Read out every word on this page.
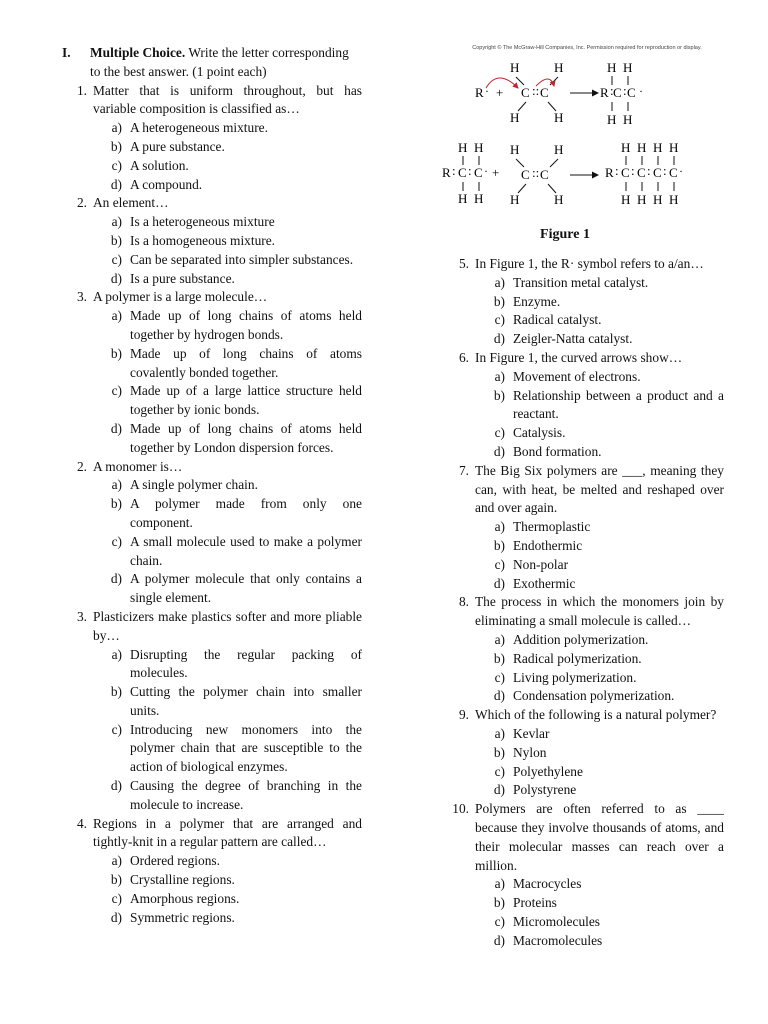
I.	Multiple Choice. Write the letter corresponding to the best answer. (1 point each)
1. Matter that is uniform throughout, but has variable composition is classified as…
a) A heterogeneous mixture.
b) A pure substance.
c) A solution.
d) A compound.
2. An element…
a) Is a heterogeneous mixture
b) Is a homogeneous mixture.
c) Can be separated into simpler substances.
d) Is a pure substance.
3. A polymer is a large molecule…
a) Made up of long chains of atoms held together by hydrogen bonds.
b) Made up of long chains of atoms covalently bonded together.
c) Made up of a large lattice structure held together by ionic bonds.
d) Made up of long chains of atoms held together by London dispersion forces.
2. A monomer is…
a) A single polymer chain.
b) A polymer made from only one component.
c) A small molecule used to make a polymer chain.
d) A polymer molecule that only contains a single element.
3. Plasticizers make plastics softer and more pliable by…
a) Disrupting the regular packing of molecules.
b) Cutting the polymer chain into smaller units.
c) Introducing new monomers into the polymer chain that are susceptible to the action of biological enzymes.
d) Causing the degree of branching in the molecule to increase.
4. Regions in a polymer that are arranged and tightly-knit in a regular pattern are called…
a) Ordered regions.
b) Crystalline regions.
c) Amorphous regions.
d) Symmetric regions.
Copyright © The McGraw-Hill Companies, Inc. Permission required for reproduction or display.
H	H
R · + C :: C
H	H
H H
R : C : C ·
H H
H H
R : C : C · +
H H
H	H
C :: C
H	H
H H H H
R : C : C : C : C ·
H H H H
Figure 1
5. In Figure 1, the R· symbol refers to a/an…
a) Transition metal catalyst.
b) Enzyme.
c) Radical catalyst.
d) Zeigler-Natta catalyst.
6. In Figure 1, the curved arrows show…
a) Movement of electrons.
b) Relationship between a product and a reactant.
c) Catalysis.
d) Bond formation.
7. The Big Six polymers are ___, meaning they can, with heat, be melted and reshaped over and over again.
a) Thermoplastic
b) Endothermic
c) Non-polar
d) Exothermic
8. The process in which the monomers join by eliminating a small molecule is called…
a) Addition polymerization.
b) Radical polymerization.
c) Living polymerization.
d) Condensation polymerization.
9. Which of the following is a natural polymer?
a) Kevlar
b) Nylon
c) Polyethylene
d) Polystyrene
10. Polymers are often referred to as ____ because they involve thousands of atoms, and their molecular masses can reach over a million.
a) Macrocycles
b) Proteins
c) Micromolecules
d) Macromolecules
